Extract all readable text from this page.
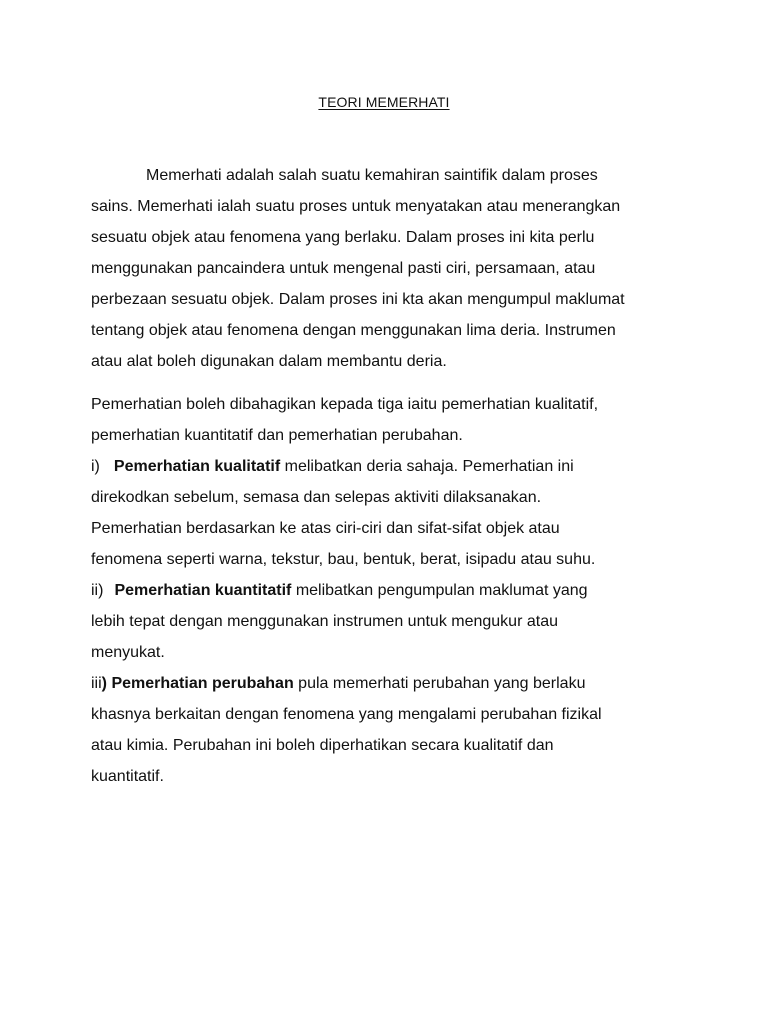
TEORI MEMERHATI
Memerhati adalah salah suatu kemahiran saintifik dalam proses
sains. Memerhati ialah suatu proses untuk menyatakan atau menerangkan
sesuatu objek atau fenomena yang berlaku. Dalam proses ini kita perlu
menggunakan pancaindera untuk mengenal pasti ciri, persamaan, atau
perbezaan sesuatu objek. Dalam proses ini kta akan mengumpul maklumat
tentang objek atau fenomena dengan menggunakan lima deria. Instrumen
atau alat boleh digunakan dalam membantu deria.
Pemerhatian boleh dibahagikan kepada tiga iaitu pemerhatian kualitatif,
pemerhatian kuantitatif dan pemerhatian perubahan.
i) Pemerhatian kualitatif melibatkan deria sahaja. Pemerhatian ini
direkodkan sebelum, semasa dan selepas aktiviti dilaksanakan.
Pemerhatian berdasarkan ke atas ciri-ciri dan sifat-sifat objek atau
fenomena seperti warna, tekstur, bau, bentuk, berat, isipadu atau suhu.
ii) Pemerhatian kuantitatif melibatkan pengumpulan maklumat yang
lebih tepat dengan menggunakan instrumen untuk mengukur atau
menyukat.
iii) Pemerhatian perubahan pula memerhati perubahan yang berlaku
khasnya berkaitan dengan fenomena yang mengalami perubahan fizikal
atau kimia. Perubahan ini boleh diperhatikan secara kualitatif dan
kuantitatif.
